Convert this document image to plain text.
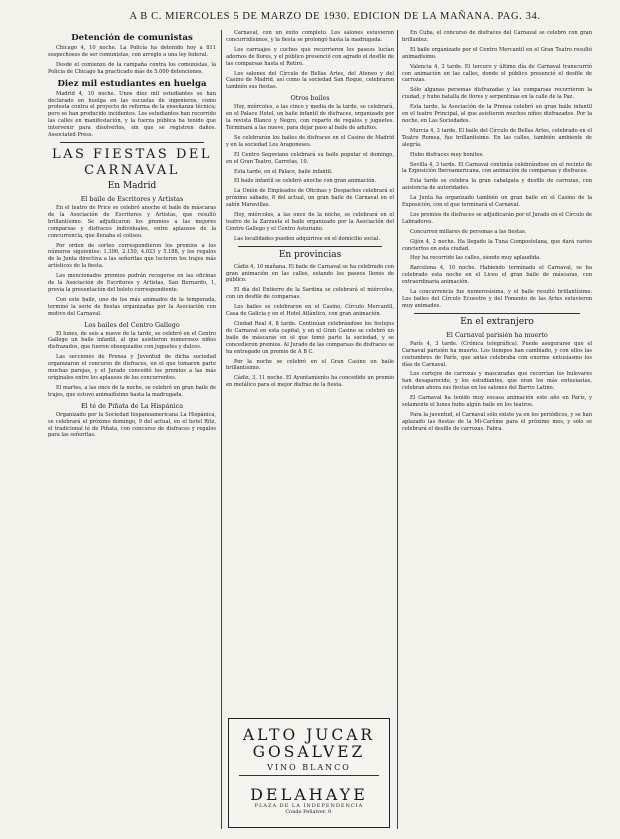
A B C. MIERCOLES 5 DE MARZO DE 1930. EDICION DE LA MAÑANA. PAG. 34.
Detención de comunistas

Chicago 4, 10 noche. La Policía ha detenido hoy a 811 sospechosos de ser comunistas, con arreglo a una ley federal.

Desde el comienzo de la campaña contra los comunistas, la Policía de Chicago ha practicado más de 5.000 detenciones.

Diez mil estudiantes en huelga

Madrid 4, 10 noche. Unos diez mil estudiantes se han declarado en huelga en las escuelas de ingenieros, como protesta contra el proyecto de reforma de la enseñanza técnica; pero se han producido incidentes. Los estudiantes han recorrido las calles en manifestación, y la fuerza pública ha tenido que intervenir para disolverlos, sin que se registren daños. Associated Press.

LAS FIESTAS DEL CARNAVAL
En Madrid
El baile de Escritores y Artistas

En el teatro de Price se celebró anoche el baile de máscaras de la Asociación de Escritores y Artistas, que resultó brillantísimo. Se adjudicaron los premios a las mejores comparsas y disfraces individuales, entre aplausos de la concurrencia, que llenaba el coliseo.

Por orden de sorteo correspondieron los premios a los números siguientes: 1.396, 2.150, 4.023 y 5.188, y los regalos de la Junta directiva a las señoritas que lucieron los trajes más artísticos de la fiesta.

Los mencionados premios podrán recogerse en las oficinas de la Asociación de Escritores y Artistas, San Bernardo, 1, previa la presentación del boleto correspondiente.

Con este baile, uno de los más animados de la temporada, terminó la serie de fiestas organizadas por la Asociación con motivo del Carnaval.

Los bailes del Centro Gallego

El lunes, de seis a nueve de la tarde, se celebró en el Centro Gallego un baile infantil, al que asistieron numerosos niños disfrazados, que fueron obsequiados con juguetes y dulces.

Las secciones de Prensa y Juventud de dicha sociedad organizaron el concurso de disfraces, en el que tomaron parte muchas parejas, y el Jurado concedió los premios a las más originales entre los aplausos de los concurrentes.

El martes, a las once de la noche, se celebró un gran baile de trajes, que estuvo animadísimo hasta la madrugada.

El té de Piñata de La Hispánica

Organizado por la Sociedad hispanoamericana La Hispánica, se celebrará el próximo domingo, 9 del actual, en el hotel Ritz, el tradicional té de Piñata, con concurso de disfraces y regalos para las señoritas.

Carnaval, con un éxito completo. Los salones estuvieron concurridísimos, y la fiesta se prolongó hasta la madrugada.

Los carruajes y coches que recorrieron los paseos lucían adornos de flores, y el público presenció con agrado el desfile de las comparsas hasta el Retiro.

Los salones del Círculo de Bellas Artes, del Ateneo y del Casino de Madrid, así como la sociedad San Roque, celebraron también sus fiestas.

Otros bailes

Hoy, miércoles, a las cinco y media de la tarde, se celebrará, en el Palace Hotel, un baile infantil de disfraces, organizado por la revista Blanco y Negro, con reparto de regalos y juguetes. Terminará a las nueve, para dejar paso al baile de adultos.

Se celebrarán los bailes de disfraces en el Casino de Madrid y en la sociedad Los Aragoneses.

El Centro Segoviano celebrará su baile popular el domingo, en el Gran Teatro, Carretas, 10.

Esta tarde, en el Palace, baile infantil.

El baile infantil se celebró anoche con gran animación.

La Unión de Empleados de Oficinas y Despachos celebrará el próximo sábado, 8 del actual, un gran baile de Carnaval en el salón Maravillas.

Hoy, miércoles, a las once de la noche, se celebrará en el teatro de la Zarzuela el baile organizado por la Asociación del Centro Gallego y el Centro Asturiano.

Las localidades pueden adquirirse en el domicilio social.

En provincias

Cádiz 4, 10 mañana. El baile de Carnaval se ha celebrado con gran animación en las calles, estando los paseos llenos de público.

El día del Entierro de la Sardina se celebrará el miércoles, con un desfile de comparsas.

Los bailes se celebraron en el Casino, Círculo Mercantil, Casa de Galicia y en el Hotel Atlántico, con gran animación.

Ciudad Real 4, 8 tarde. Continúan celebrándose los festejos de Carnaval en esta capital, y en el Gran Casino se celebró un baile de máscaras en el que tomó parte la sociedad, y se concedieron premios. Al Jurado de las comparsas de disfraces se ha entregado un premio de A B C.

Por la noche se celebró en el Gran Casino un baile brillantísimo.

Cádiz, 3, 11 noche. El Ayuntamiento ha concedido un premio en metálico para el mejor disfraz de la fiesta.

ALTO JUCAR
GOSALVEZ
VINO BLANCO
DELAHAYE
PLAZA DE LA INDEPENDENCIA
Conde Peñalver, 9.

En Cuba, el concurso de disfraces del Carnaval se celebró con gran brillantez.

El baile organizado por el Centro Mercantil en el Gran Teatro resultó animadísimo.

Valencia 4, 3 tarde. El tercero y último día de Carnaval transcurrió con animación en las calles, donde el público presenció el desfile de carrozas.

Sólo algunas personas disfrazadas y las comparsas recorrieron la ciudad, y hubo batalla de flores y serpentinas en la calle de la Paz.

Esta tarde, la Asociación de la Prensa celebró un gran baile infantil en el teatro Principal, al que asistieron muchos niños disfrazados. Por la noche, en Las Sociedades.

Murcia 4, 3 tarde. El baile del Círculo de Bellas Artes, celebrado en el Teatro Romea, fue brillantísimo. En las calles, también ambiente de alegría.

Hubo disfraces muy bonitos.

Sevilla 4, 3 tarde. El Carnaval continúa celebrándose en el recinto de la Exposición Iberoamericana, con animación de comparsas y disfraces.

Esta tarde se celebra la gran cabalgata y desfile de carrozas, con asistencia de autoridades.

La Junta ha organizado también un gran baile en el Casino de la Exposición, con el que terminará el Carnaval.

Los premios de disfraces se adjudicarán por el Jurado en el Círculo de Labradores.

Concurren millares de personas a las fiestas.

Gijón 4, 2 noche. Ha llegado la Tuna Compostelana, que dará varios conciertos en esta ciudad.

Hoy ha recorrido las calles, siendo muy aplaudida.

Barcelona 4, 10 noche. Habiendo terminado el Carnaval, se ha celebrado esta noche en el Liceo el gran baile de máscaras, con extraordinaria animación.

La concurrencia fue numerosísima, y el baile resultó brillantísimo. Los bailes del Círculo Ecuestre y del Fomento de las Artes estuvieron muy animados.

En el extranjero
El Carnaval parisién ha muerto

París 4, 3 tarde. (Crónica telegráfica). Puede asegurarse que el Carnaval parisién ha muerto. Los tiempos han cambiado, y con ellos las costumbres de París, que antes celebraba con enorme entusiasmo los días de Carnaval.

Los cortejos de carrozas y mascaradas que recorrían los bulevares han desaparecido, y los estudiantes, que eran los más entusiastas, celebran ahora sus fiestas en los salones del Barrio Latino.

El Carnaval ha tenido muy escasa animación este año en París, y solamente el lunes hubo algún baile en los teatros.

Para la juventud, el Carnaval sólo existe ya en los periódicos, y se han aplazado las fiestas de la Mi-Carême para el próximo mes, y sólo se celebrará el desfile de carrozas. Fabra.
